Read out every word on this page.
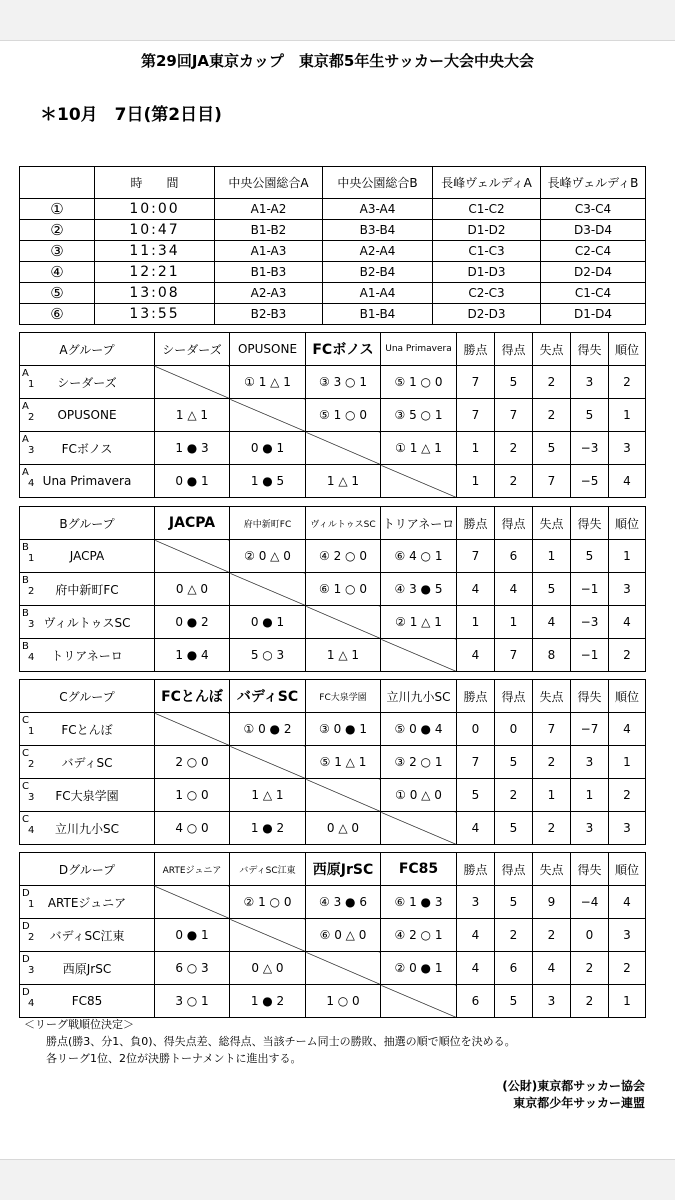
第29回JA東京カップ　東京都5年生サッカー大会中央大会
＊10月　7日(第2日目)
	時　　間	中央公園総合A	中央公園総合B	長峰ヴェルディA	長峰ヴェルディB
①	10:00	A1-A2	A3-A4	C1-C2	C3-C4
②	10:47	B1-B2	B3-B4	D1-D2	D3-D4
③	11:34	A1-A3	A2-A4	C1-C3	C2-C4
④	12:21	B1-B3	B2-B4	D1-D3	D2-D4
⑤	13:08	A2-A3	A1-A4	C2-C3	C1-C4
⑥	13:55	B2-B3	B1-B4	D2-D3	D1-D4
Aグループ	シーダーズ	OPUSONE	FCボノス	Una Primavera	勝点	得点	失点	得失	順位

A
1 シーダーズ		① 1 △ 1	③ 3 ○ 1	⑤ 1 ○ 0	7	5	2	3	2

A
2 OPUSONE	1 △ 1		⑤ 1 ○ 0	③ 5 ○ 1	7	7	2	5	1

A
3 FCボノス	1 ● 3	0 ● 1		① 1 △ 1	1	2	5	−3	3

A
4 Una Primavera	0 ● 1	1 ● 5	1 △ 1		1	2	7	−5	4
Bグループ	JACPA	府中新町FC	ヴィルトゥスSC	トリアネーロ	勝点	得点	失点	得失	順位

B
1 JACPA		② 0 △ 0	④ 2 ○ 0	⑥ 4 ○ 1	7	6	1	5	1

B
2 府中新町FC	0 △ 0		⑥ 1 ○ 0	④ 3 ● 5	4	4	5	−1	3

B
3 ヴィルトゥスSC	0 ● 2	0 ● 1		② 1 △ 1	1	1	4	−3	4

B
4 トリアネーロ	1 ● 4	5 ○ 3	1 △ 1		4	7	8	−1	2
Cグループ	FCとんぼ	バディSC	FC大泉学園	立川九小SC	勝点	得点	失点	得失	順位

C
1 FCとんぼ		① 0 ● 2	③ 0 ● 1	⑤ 0 ● 4	0	0	7	−7	4

C
2 バディSC	2 ○ 0		⑤ 1 △ 1	③ 2 ○ 1	7	5	2	3	1

C
3 FC大泉学園	1 ○ 0	1 △ 1		① 0 △ 0	5	2	1	1	2

C
4 立川九小SC	4 ○ 0	1 ● 2	0 △ 0		4	5	2	3	3
Dグループ	ARTEジュニア	バディSC江東	西原JrSC	FC85	勝点	得点	失点	得失	順位

D
1 ARTEジュニア		② 1 ○ 0	④ 3 ● 6	⑥ 1 ● 3	3	5	9	−4	4

D
2 バディSC江東	0 ● 1		⑥ 0 △ 0	④ 2 ○ 1	4	2	2	0	3

D
3 西原JrSC	6 ○ 3	0 △ 0		② 0 ● 1	4	6	4	2	2

D
4 FC85	3 ○ 1	1 ● 2	1 ○ 0		6	5	3	2	1
＜リーグ戦順位決定＞
勝点(勝3、分1、負0)、得失点差、総得点、当該チーム同士の勝敗、抽選の順で順位を決める。
各リーグ1位、2位が決勝トーナメントに進出する。
(公財)東京都サッカー協会
東京都少年サッカー連盟
